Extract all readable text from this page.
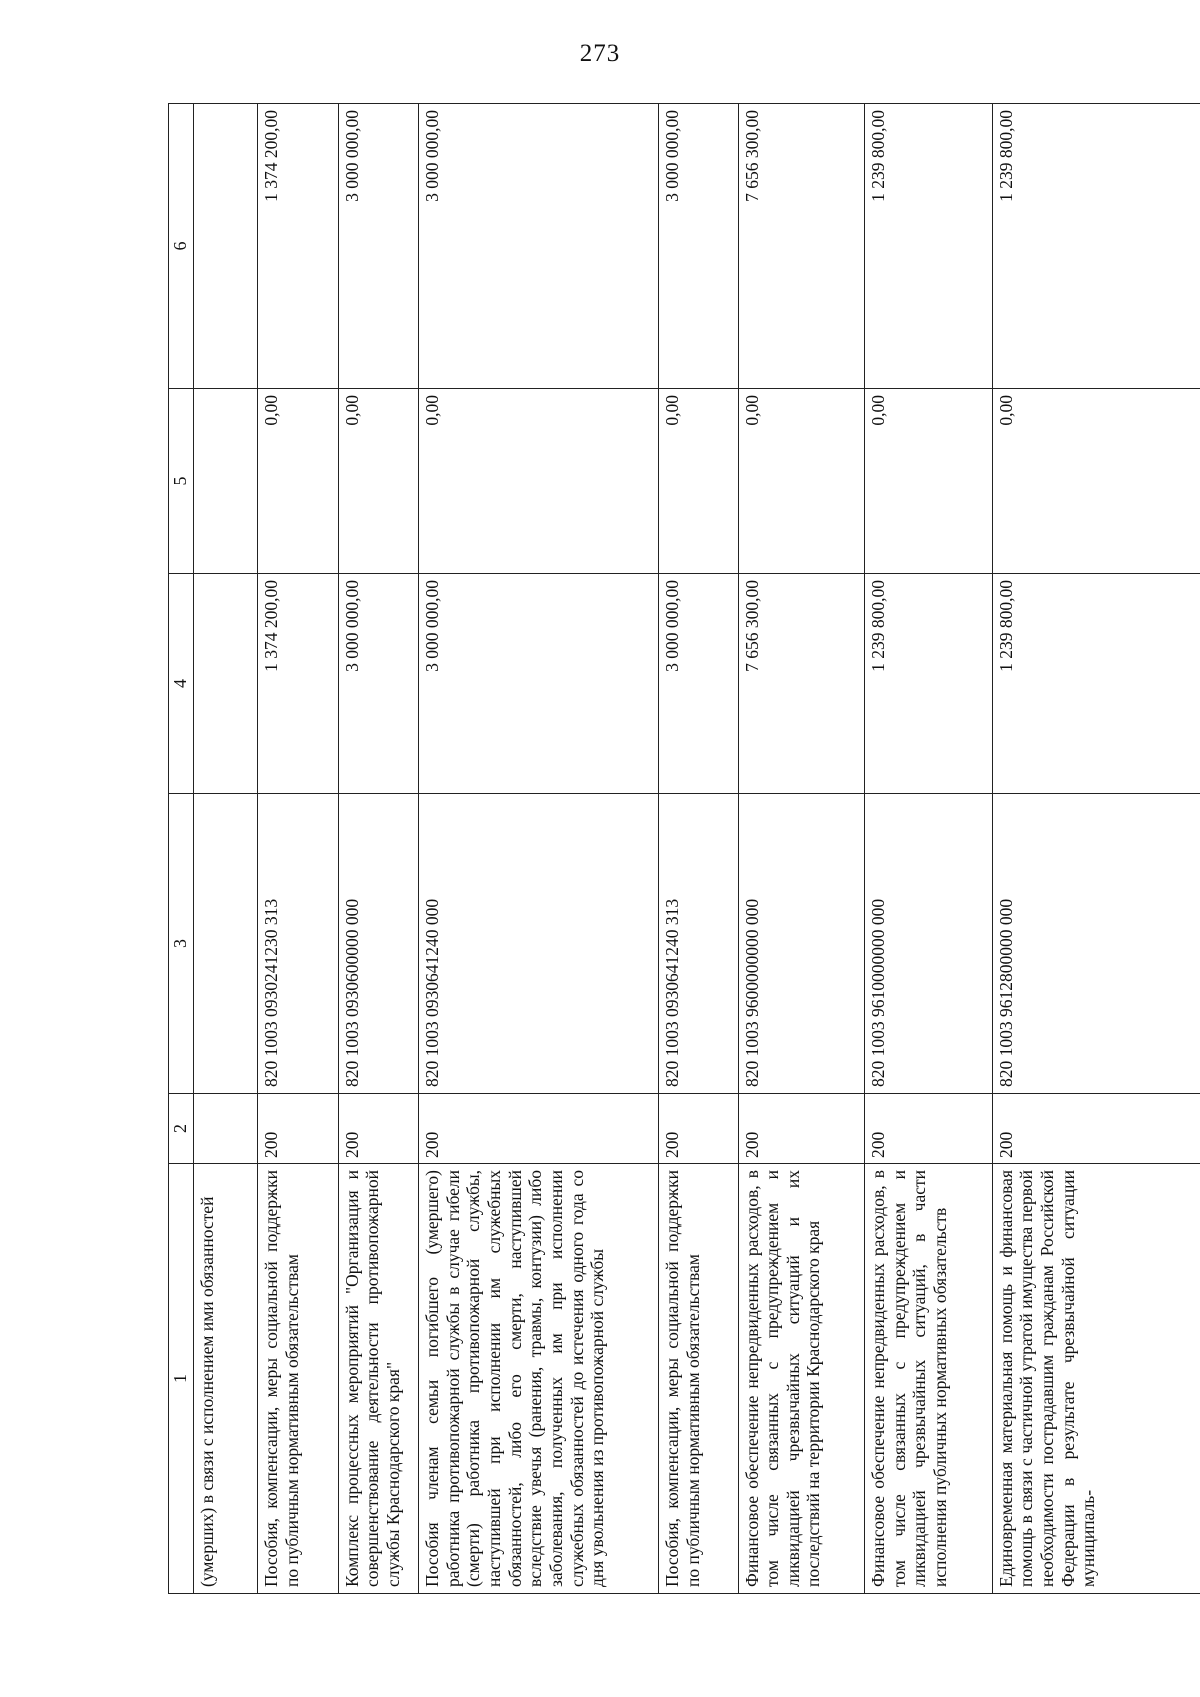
273
1	2	3	4	5	6
(умерших) в связи с исполнением ими обязанностей					
Пособия, компенсации, меры социальной поддержки по публичным нормативным обязательствам	200	820 1003 0930241230 313	1 374 200,00	0,00	1 374 200,00
Комплекс процессных мероприятий "Организация и совершенствование деятельности противопожарной службы Краснодарского края"	200	820 1003 0930600000 000	3 000 000,00	0,00	3 000 000,00
Пособия членам семьи погибшего (умершего) работника противопожарной службы в случае гибели (смерти) работника противопожарной службы, наступившей при исполнении им служебных обязанностей, либо его смерти, наступившей вследствие увечья (ранения, травмы, контузии) либо заболевания, полученных им при исполнении служебных обязанностей до истечения одного года со дня увольнения из противопожарной службы	200	820 1003 0930641240 000	3 000 000,00	0,00	3 000 000,00
Пособия, компенсации, меры социальной поддержки по публичным нормативным обязательствам	200	820 1003 0930641240 313	3 000 000,00	0,00	3 000 000,00
Финансовое обеспечение непредвиденных расходов, в том числе связанных с предупреждением и ликвидацией чрезвычайных ситуаций и их последствий на территории Краснодарского края	200	820 1003 9600000000 000	7 656 300,00	0,00	7 656 300,00
Финансовое обеспечение непредвиденных расходов, в том числе связанных с предупреждением и ликвидацией чрезвычайных ситуаций, в части исполнения публичных нормативных обязательств	200	820 1003 9610000000 000	1 239 800,00	0,00	1 239 800,00
Единовременная материальная помощь и финансовая помощь в связи с частичной утратой имущества первой необходимости пострадавшим гражданам Российской Федерации в результате чрезвычайной ситуации муниципаль-	200	820 1003 9612800000 000	1 239 800,00	0,00	1 239 800,00
